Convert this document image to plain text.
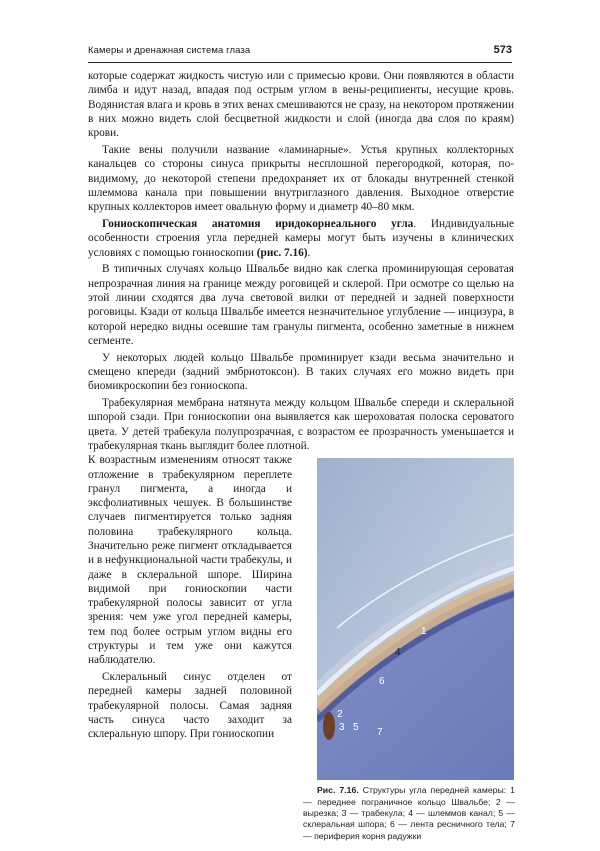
Камеры и дренажная система глаза	573

которые содержат жидкость чистую или с примесью крови. Они появляются в области лимба и идут назад, впадая под острым углом в вены-реципиенты, несущие кровь. Водянистая влага и кровь в этих венах смешиваются не сразу, на некотором протяжении в них можно видеть слой бесцветной жидкости и слой (иногда два слоя по краям) крови.

Такие вены получили название «ламинарные». Устья крупных коллекторных канальцев со стороны синуса прикрыты несплошной перегородкой, которая, по-видимому, до некоторой степени предохраняет их от блокады внутренней стенкой шлеммова канала при повышении внутриглазного давления. Выходное отверстие крупных коллекторов имеет овальную форму и диаметр 40–80 мкм.

Гониоскопическая анатомия иридокорнеального угла. Индивидуальные особенности строения угла передней камеры могут быть изучены в клинических условиях с помощью гониоскопии (рис. 7.16).

В типичных случаях кольцо Швальбе видно как слегка проминирующая сероватая непрозрачная линия на границе между роговицей и склерой. При осмотре со щелью на этой линии сходятся два луча световой вилки от передней и задней поверхности роговицы. Кзади от кольца Швальбе имеется незначительное углубление — инцизура, в которой нередко видны осевшие там гранулы пигмента, особенно заметные в нижнем сегменте.

У некоторых людей кольцо Швальбе проминирует кзади весьма значительно и смещено кпереди (задний эмбриотоксон). В таких случаях его можно видеть при биомикроскопии без гониоскопа.

Трабекулярная мембрана натянута между кольцом Швальбе спереди и склеральной шпорой сзади. При гониоскопии она выявляется как шероховатая полоска сероватого цвета. У детей трабекула полупрозрачная, с возрастом ее прозрачность уменьшается и трабекулярная ткань выглядит более плотной.

1
4
6
2
3 5 7
Рис. 7.16. Структуры угла передней камеры: 1 — переднее пограничное кольцо Швальбе; 2 — вырезка; 3 — трабекула; 4 — шлеммов канал; 5 — склеральная шпора; 6 — лента ресничного тела; 7 — периферия корня радужки
К возрастным изменениям относят также отложение в трабекулярном переплете гранул пигмента, а иногда и эксфолиативных чешуек. В большинстве случаев пигментируется только задняя половина трабекулярного кольца. Значительно реже пигмент откладывается и в нефункциональной части трабекулы, и даже в склеральной шпоре. Ширина видимой при гониоскопии части трабекулярной полосы зависит от угла зрения: чем уже угол передней камеры, тем под более острым углом видны его структуры и тем уже они кажутся наблюдателю.

Склеральный синус отделен от передней камеры задней половиной трабекулярной полосы. Самая задняя часть синуса часто заходит за склеральную шпору. При гониоскопии
